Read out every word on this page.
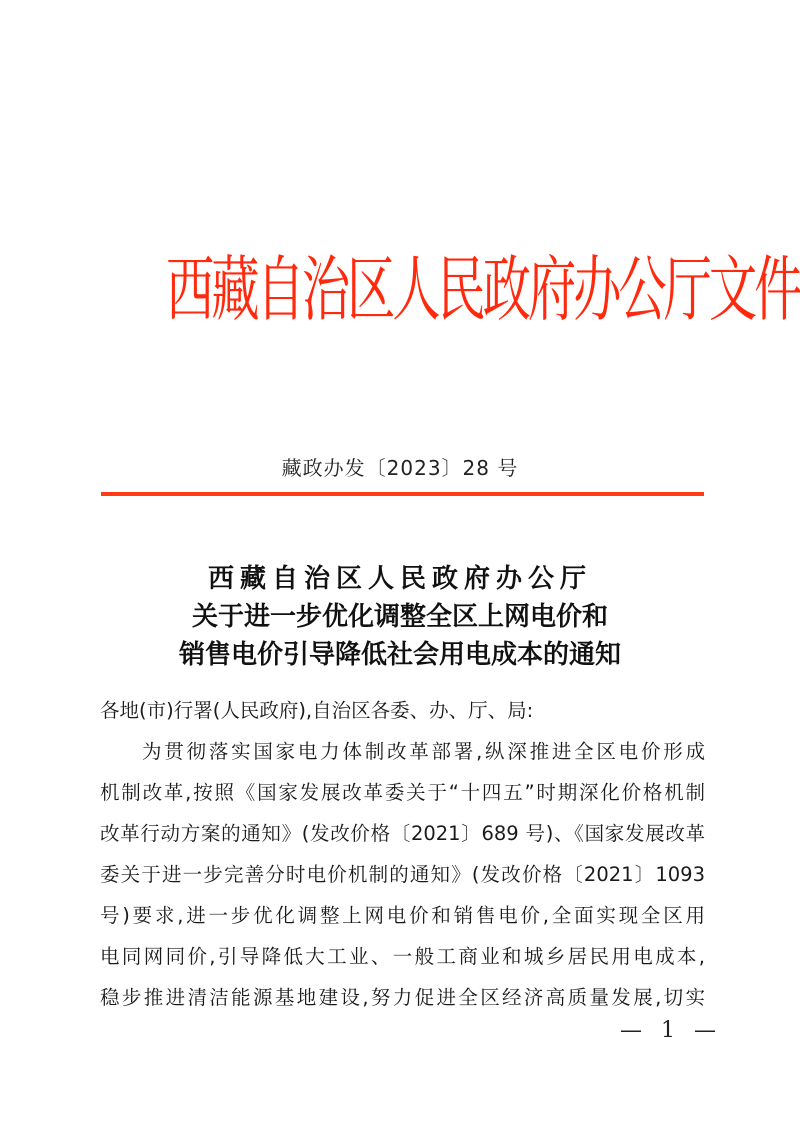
西藏自治区人民政府办公厅文件
藏政办发〔2023〕28 号
西藏自治区人民政府办公厅
关于进一步优化调整全区上网电价和
销售电价引导降低社会用电成本的通知
各地(市)行署(人民政府),自治区各委、办、厅、局:
为贯彻落实国家电力体制改革部署,纵深推进全区电价形成
机制改革,按照《国家发展改革委关于“十四五”时期深化价格机制
改革行动方案的通知》(发改价格〔2021〕689 号)、《国家发展改革
委关于进一步完善分时电价机制的通知》(发改价格〔2021〕1093
号)要求,进一步优化调整上网电价和销售电价,全面实现全区用
电同网同价,引导降低大工业、一般工商业和城乡居民用电成本,
稳步推进清洁能源基地建设,努力促进全区经济高质量发展,切实
— 1 —
